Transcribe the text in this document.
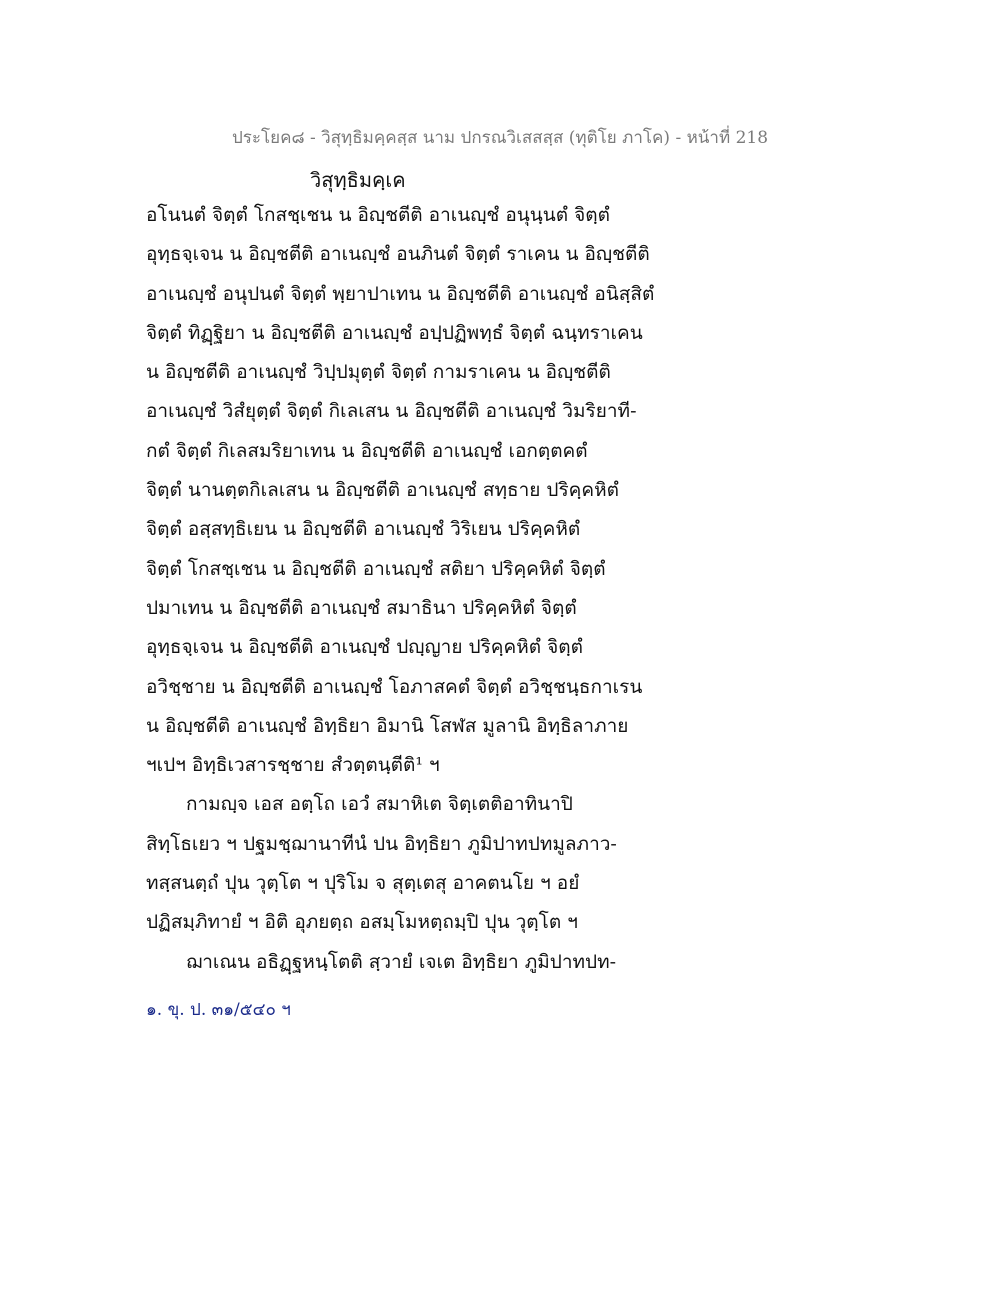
ประโยค๘ - วิสุทฺธิมคฺคสฺส นาม ปกรณวิเสสสฺส (ทุติโย ภาโค) - หน้าที่ 218
วิสุทฺธิมคฺเค
อโนนตํ จิตฺตํ โกสชฺเชน น อิญฺชตีติ อาเนญฺชํ อนุนฺนตํ จิตฺตํ
อุทฺธจฺเจน น อิญฺชตีติ อาเนญฺชํ อนภินตํ จิตฺตํ ราเคน น อิญฺชตีติ
อาเนญฺชํ อนุปนตํ จิตฺตํ พฺยาปาเทน น อิญฺชตีติ อาเนญฺชํ อนิสฺสิตํ
จิตฺตํ ทิฏฺฐิยา น อิญฺชตีติ อาเนญฺชํ อปฺปฏิพทฺธํ จิตฺตํ ฉนฺทราเคน
น อิญฺชตีติ อาเนญฺชํ วิปฺปมุตฺตํ จิตฺตํ กามราเคน น อิญฺชตีติ
อาเนญฺชํ วิสํยุตฺตํ จิตฺตํ กิเลเสน น อิญฺชตีติ อาเนญฺชํ วิมริยาที-
กตํ จิตฺตํ กิเลสมริยาเทน น อิญฺชตีติ อาเนญฺชํ เอกตฺตคตํ
จิตฺตํ นานตฺตกิเลเสน น อิญฺชตีติ อาเนญฺชํ สทฺธาย ปริคฺคหิตํ
จิตฺตํ อสฺสทฺธิเยน น อิญฺชตีติ อาเนญฺชํ วิริเยน ปริคฺคหิตํ
จิตฺตํ โกสชฺเชน น อิญฺชตีติ อาเนญฺชํ สติยา ปริคฺคหิตํ จิตฺตํ
ปมาเทน น อิญฺชตีติ อาเนญฺชํ สมาธินา ปริคฺคหิตํ จิตฺตํ
อุทฺธจฺเจน น อิญฺชตีติ อาเนญฺชํ ปญฺญาย ปริคฺคหิตํ จิตฺตํ
อวิชฺชาย น อิญฺชตีติ อาเนญฺชํ โอภาสคตํ จิตฺตํ อวิชฺชนฺธกาเรน
น อิญฺชตีติ อาเนญฺชํ อิทฺธิยา อิมานิ โสฬส มูลานิ อิทฺธิลาภาย
ฯเปฯ อิทฺธิเวสารชฺชาย สํวตฺตนฺตีติ¹ ฯ
กามญฺจ เอส อตฺโถ เอวํ สมาหิเต จิตฺเตติอาทินาปิ
สิทฺโธเยว ฯ ปฐมชฺฌานาทีนํ ปน อิทฺธิยา ภูมิปาทปทมูลภาว-
ทสฺสนตฺถํ ปุน วุตฺโต ฯ ปุริโม จ สุตฺเตสุ อาคตนโย ฯ อยํ
ปฏิสมฺภิทายํ ฯ อิติ อุภยตฺถ อสมฺโมหตฺถมฺปิ ปุน วุตฺโต ฯ
ฌาเณน อธิฏฺฐหนฺโตติ สฺวายํ เจเต อิทฺธิยา ภูมิปาทปท-
๑. ขุ. ป. ๓๑/๕๔๐ ฯ
